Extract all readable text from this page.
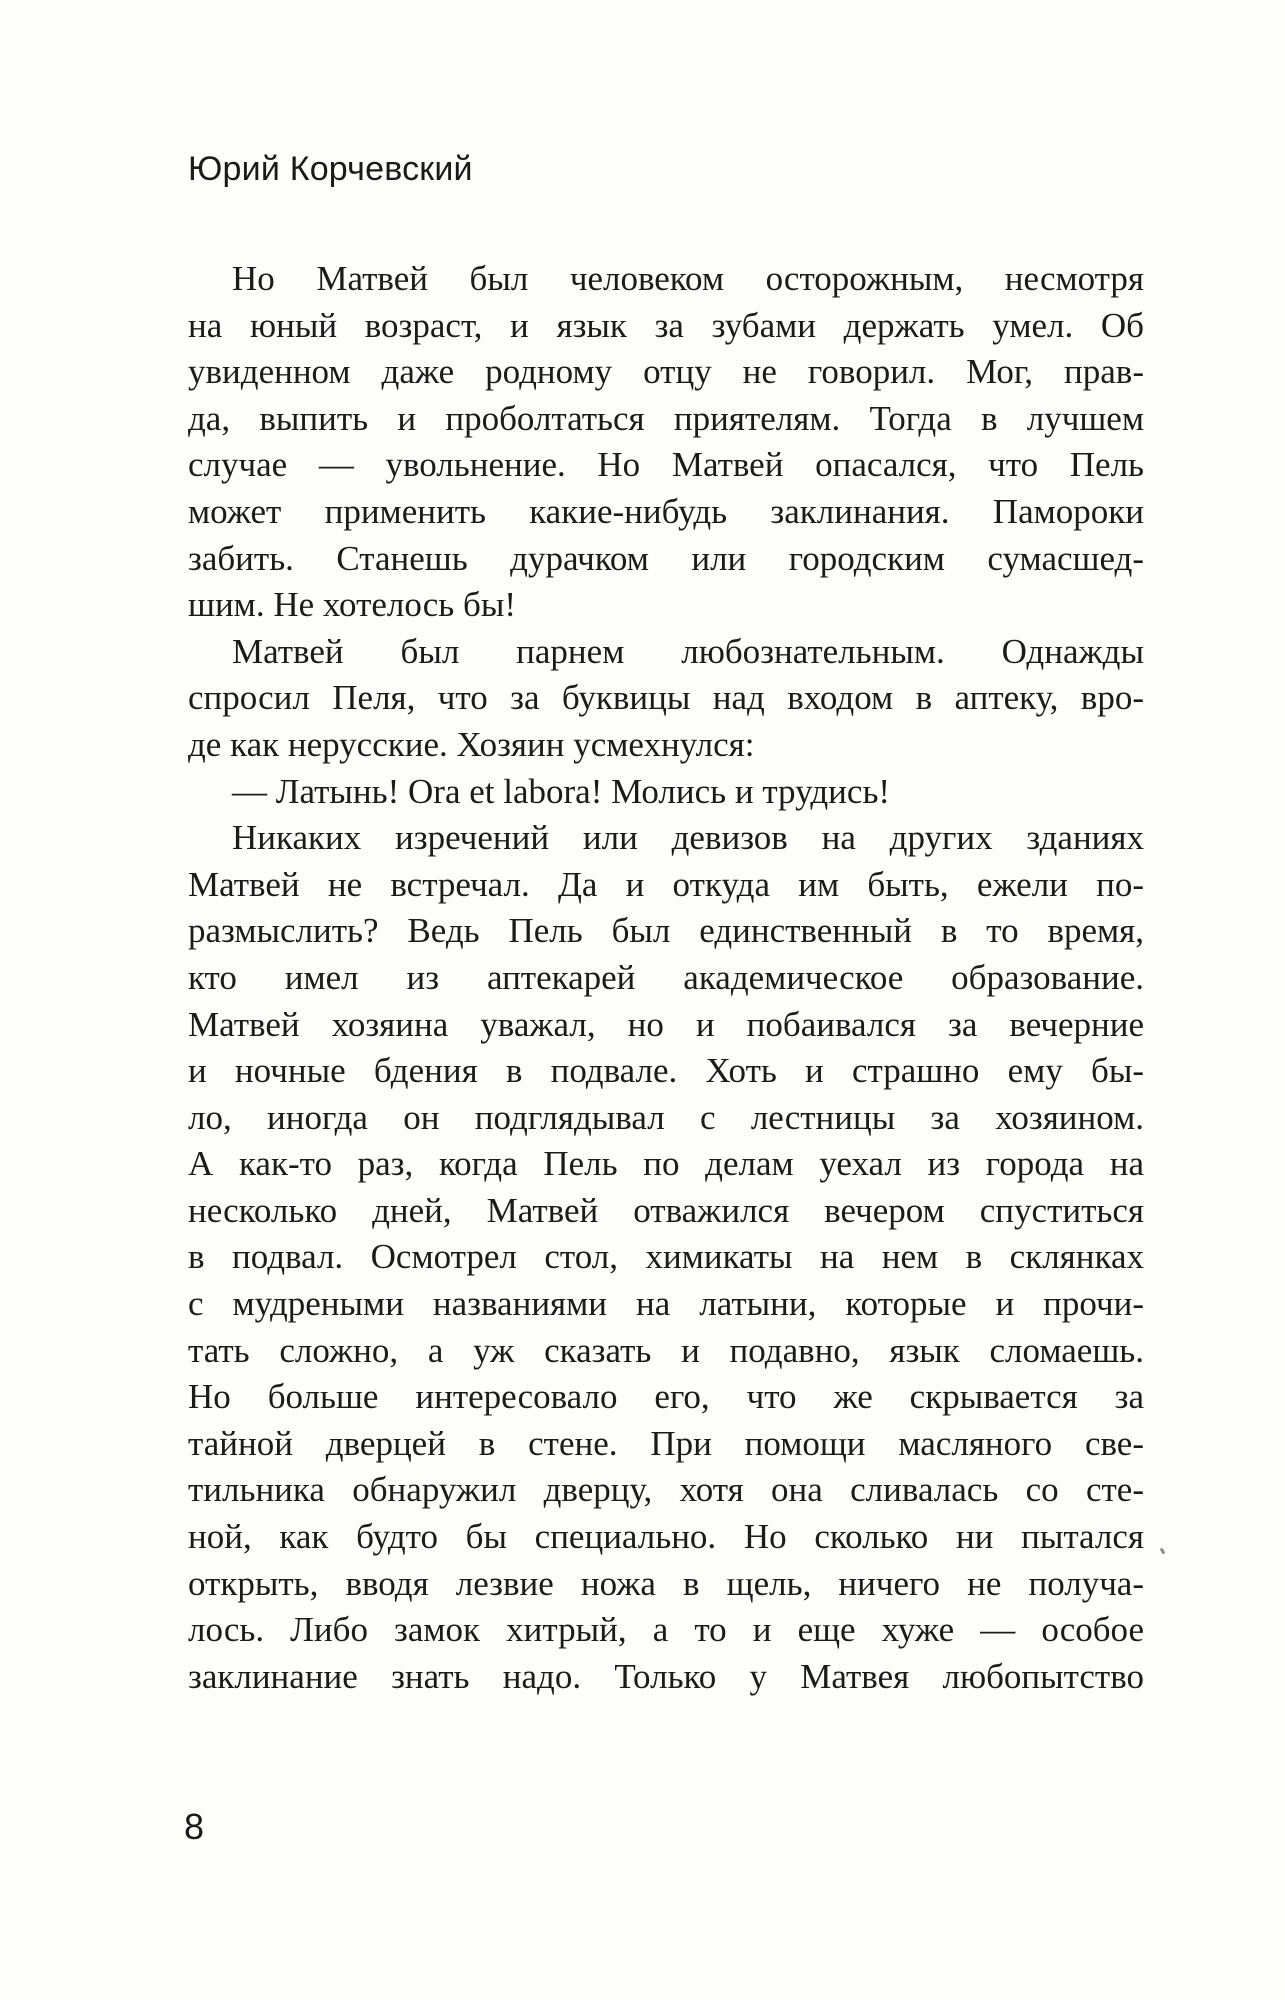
Юрий Корчевский
Но Матвей был человеком осторожным, несмотря
на юный возраст, и язык за зубами держать умел. Об
увиденном даже родному отцу не говорил. Мог, прав-
да, выпить и проболтаться приятелям. Тогда в лучшем
случае — увольнение. Но Матвей опасался, что Пель
может применить какие-нибудь заклинания. Памороки
забить. Станешь дурачком или городским сумасшед-
шим. Не хотелось бы!
Матвей был парнем любознательным. Однажды
спросил Пеля, что за буквицы над входом в аптеку, вро-
де как нерусские. Хозяин усмехнулся:
— Латынь! Ora et labora! Молись и трудись!
Никаких изречений или девизов на других зданиях
Матвей не встречал. Да и откуда им быть, ежели по-
размыслить? Ведь Пель был единственный в то время,
кто имел из аптекарей академическое образование.
Матвей хозяина уважал, но и побаивался за вечерние
и ночные бдения в подвале. Хоть и страшно ему бы-
ло, иногда он подглядывал с лестницы за хозяином.
А как-то раз, когда Пель по делам уехал из города на
несколько дней, Матвей отважился вечером спуститься
в подвал. Осмотрел стол, химикаты на нем в склянках
с мудреными названиями на латыни, которые и прочи-
тать сложно, а уж сказать и подавно, язык сломаешь.
Но больше интересовало его, что же скрывается за
тайной дверцей в стене. При помощи масляного све-
тильника обнаружил дверцу, хотя она сливалась со сте-
ной, как будто бы специально. Но сколько ни пытался
открыть, вводя лезвие ножа в щель, ничего не получа-
лось. Либо замок хитрый, а то и еще хуже — особое
заклинание знать надо. Только у Матвея любопытство
8
